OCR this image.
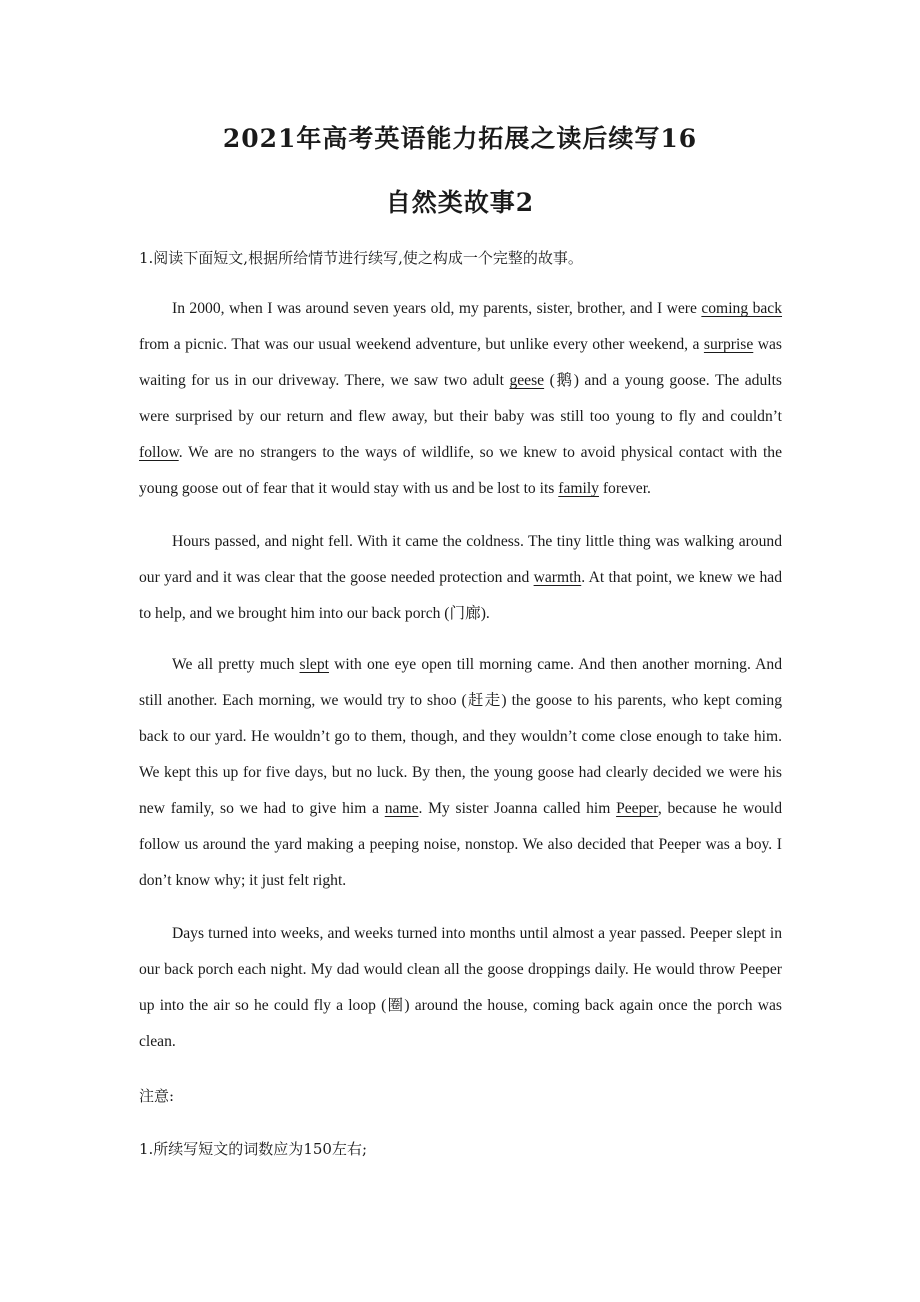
2021年高考英语能力拓展之读后续写16
自然类故事2
1.阅读下面短文,根据所给情节进行续写,使之构成一个完整的故事。

In 2000, when I was around seven years old, my parents, sister, brother, and I were coming back from a picnic. That was our usual weekend adventure, but unlike every other weekend, a surprise was waiting for us in our driveway. There, we saw two adult geese (鹅) and a young goose. The adults were surprised by our return and flew away, but their baby was still too young to fly and couldn’t follow. We are no strangers to the ways of wildlife, so we knew to avoid physical contact with the young goose out of fear that it would stay with us and be lost to its family forever.

Hours passed, and night fell. With it came the coldness. The tiny little thing was walking around our yard and it was clear that the goose needed protection and warmth. At that point, we knew we had to help, and we brought him into our back porch (门廊).

We all pretty much slept with one eye open till morning came. And then another morning. And still another. Each morning, we would try to shoo (赶走) the goose to his parents, who kept coming back to our yard. He wouldn’t go to them, though, and they wouldn’t come close enough to take him. We kept this up for five days, but no luck. By then, the young goose had clearly decided we were his new family, so we had to give him a name. My sister Joanna called him Peeper, because he would follow us around the yard making a peeping noise, nonstop. We also decided that Peeper was a boy. I don’t know why; it just felt right.

Days turned into weeks, and weeks turned into months until almost a year passed. Peeper slept in our back porch each night. My dad would clean all the goose droppings daily. He would throw Peeper up into the air so he could fly a loop (圈) around the house, coming back again once the porch was clean.

注意:
1.所续写短文的词数应为150左右;
